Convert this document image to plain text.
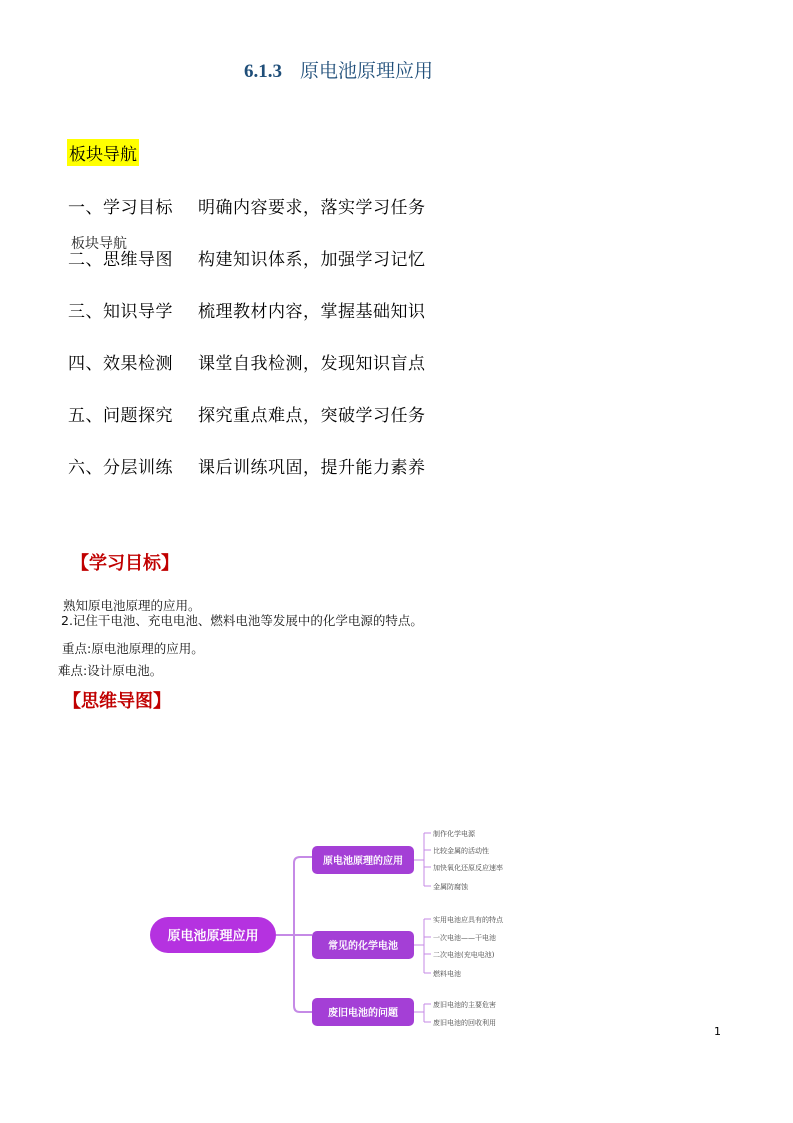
6.1.3 原电池原理应用
板块导航
一、学习目标 明确内容要求，落实学习任务
二、思维导图 构建知识体系，加强学习记忆
三、知识导学 梳理教材内容，掌握基础知识
四、效果检测 课堂自我检测，发现知识盲点
五、问题探究 探究重点难点，突破学习任务
六、分层训练 课后训练巩固，提升能力素养
板块导航
【学习目标】
熟知原电池原理的应用。
2.记住干电池、充电电池、燃料电池等发展中的化学电源的特点。
重点:原电池原理的应用。
难点:设计原电池。
【思维导图】
原电池原理应用
原电池原理的应用
常见的化学电池
废旧电池的问题
制作化学电源
比较金属的活动性
加快氧化还原反应速率
金属防腐蚀
实用电池应具有的特点
一次电池——干电池
二次电池(充电电池)
燃料电池
废旧电池的主要危害
废旧电池的回收利用
1
